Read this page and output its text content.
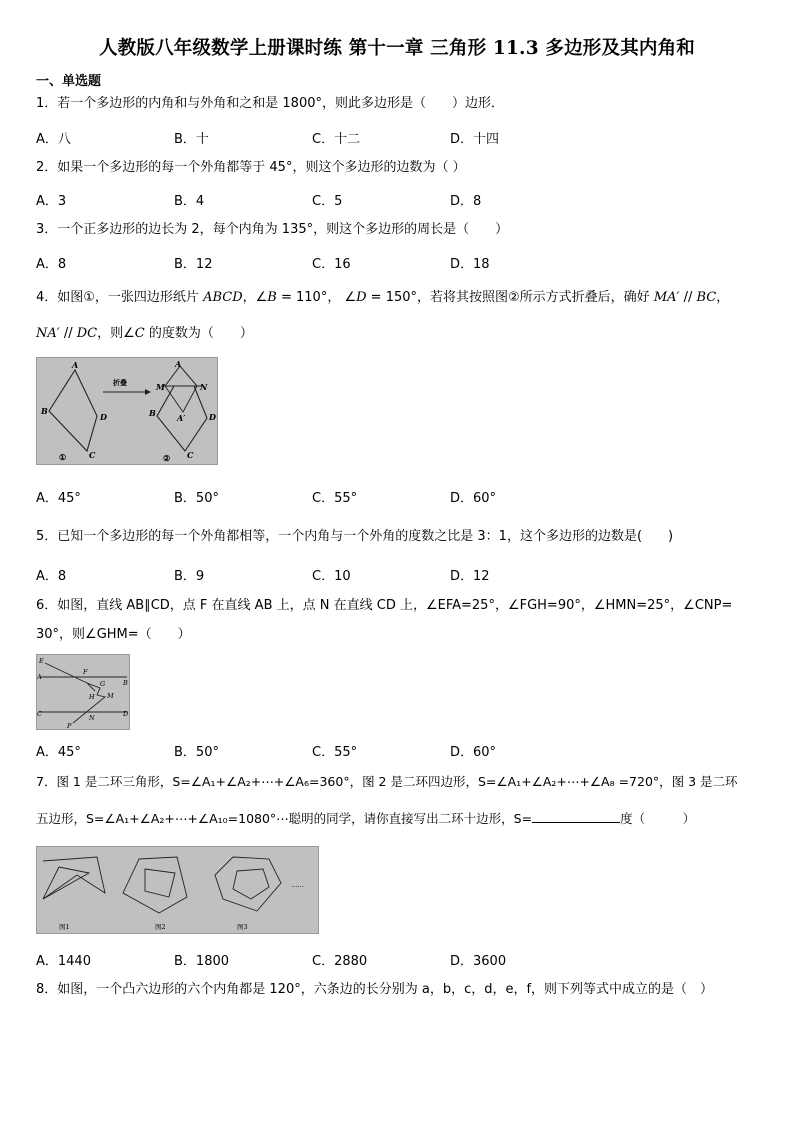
人教版八年级数学上册课时练 第十一章 三角形 11.3 多边形及其内角和
一、单选题
1．若一个多边形的内角和与外角和之和是 1800°，则此多边形是（　　）边形．
A．八	B．十	C．十二	D．十四
2．如果一个多边形的每一个外角都等于 45°，则这个多边形的边数为（ ）
A．3	B．4	C．5	D．8
3．一个正多边形的边长为 2，每个内角为 135°，则这个多边形的周长是（　　）
A．8	B．12	C．16	D．18
4．如图①，一张四边形纸片 ABCD，∠B = 110°， ∠D = 150°，若将其按照图②所示方式折叠后，确好 MA′ // BC，
NA′ // DC，则∠C 的度数为（　　）
A
B
D
C
①
折叠
A
M	N
A′
B	D
C
②
A．45°	B．50°	C．55°	D．60°
5．已知一个多边形的每一个外角都相等，一个内角与一个外角的度数之比是 3：1，这个多边形的边数是(　　)
A．8	B．9	C．10	D．12
6．如图，直线 AB∥CD，点 F 在直线 AB 上，点 N 在直线 CD 上，∠EFA=25°，∠FGH=90°，∠HMN=25°，∠CNP=
30°，则∠GHM=（　　）
E
F
A
G
M
H
B
C	D
N
P
A．45°	B．50°	C．55°	D．60°
7．图 1 是二环三角形，S=∠A₁+∠A₂+⋯+∠A₆=360°，图 2 是二环四边形，S=∠A₁+∠A₂+⋯+∠A₈ =720°，图 3 是二环
五边形，S=∠A₁+∠A₂+⋯+∠A₁₀=1080°⋯聪明的同学，请你直接写出二环十边形，S=	度（　　　）
图1	图2	图3
……
A．1440	B．1800	C．2880	D．3600
8．如图，一个凸六边形的六个内角都是 120°，六条边的长分别为 a，b，c，d，e，f，则下列等式中成立的是（　）
